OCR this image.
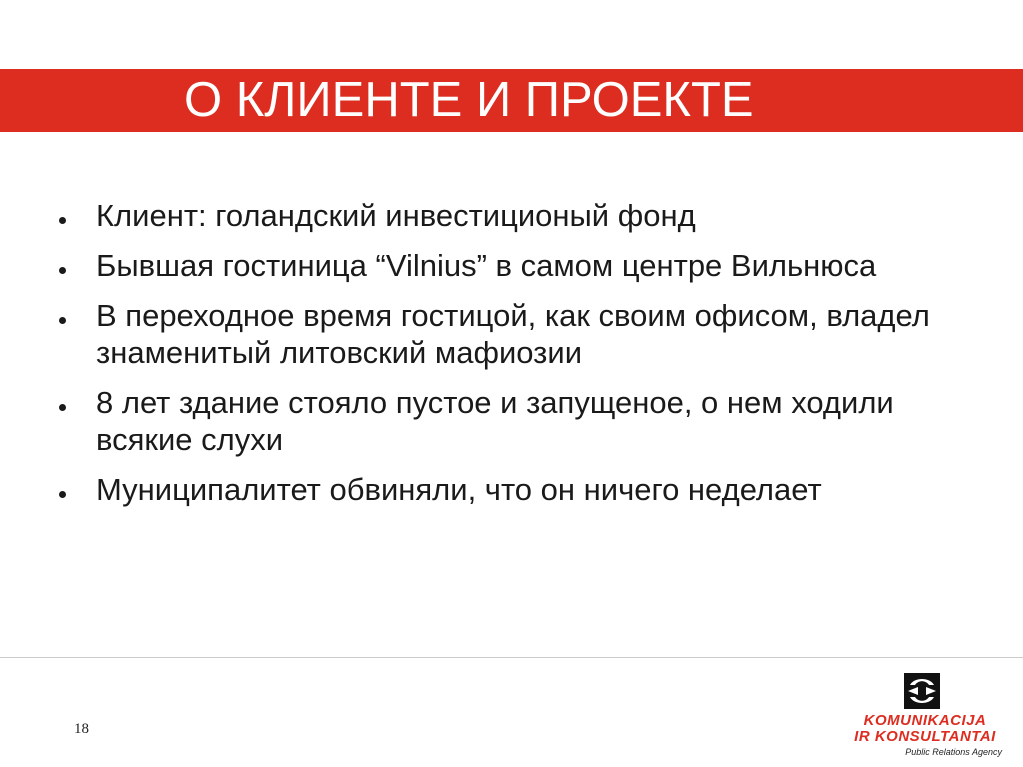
О КЛИЕНТЕ И ПРОЕКТЕ
Клиент: голандский инвестиционый фонд
Бывшая гостиница “Vilnius” в самом центре Вильнюса
В переходное время гостицой, как своим офисом, владел знаменитый литовский мафиозии
8 лет здание стояло пустое и запущеное, о нем ходили всякие слухи
Муниципалитет обвиняли, что он ничего неделает
18	KOMUNIKACIJA
IR KONSULTANTAI
Public Relations Agency
